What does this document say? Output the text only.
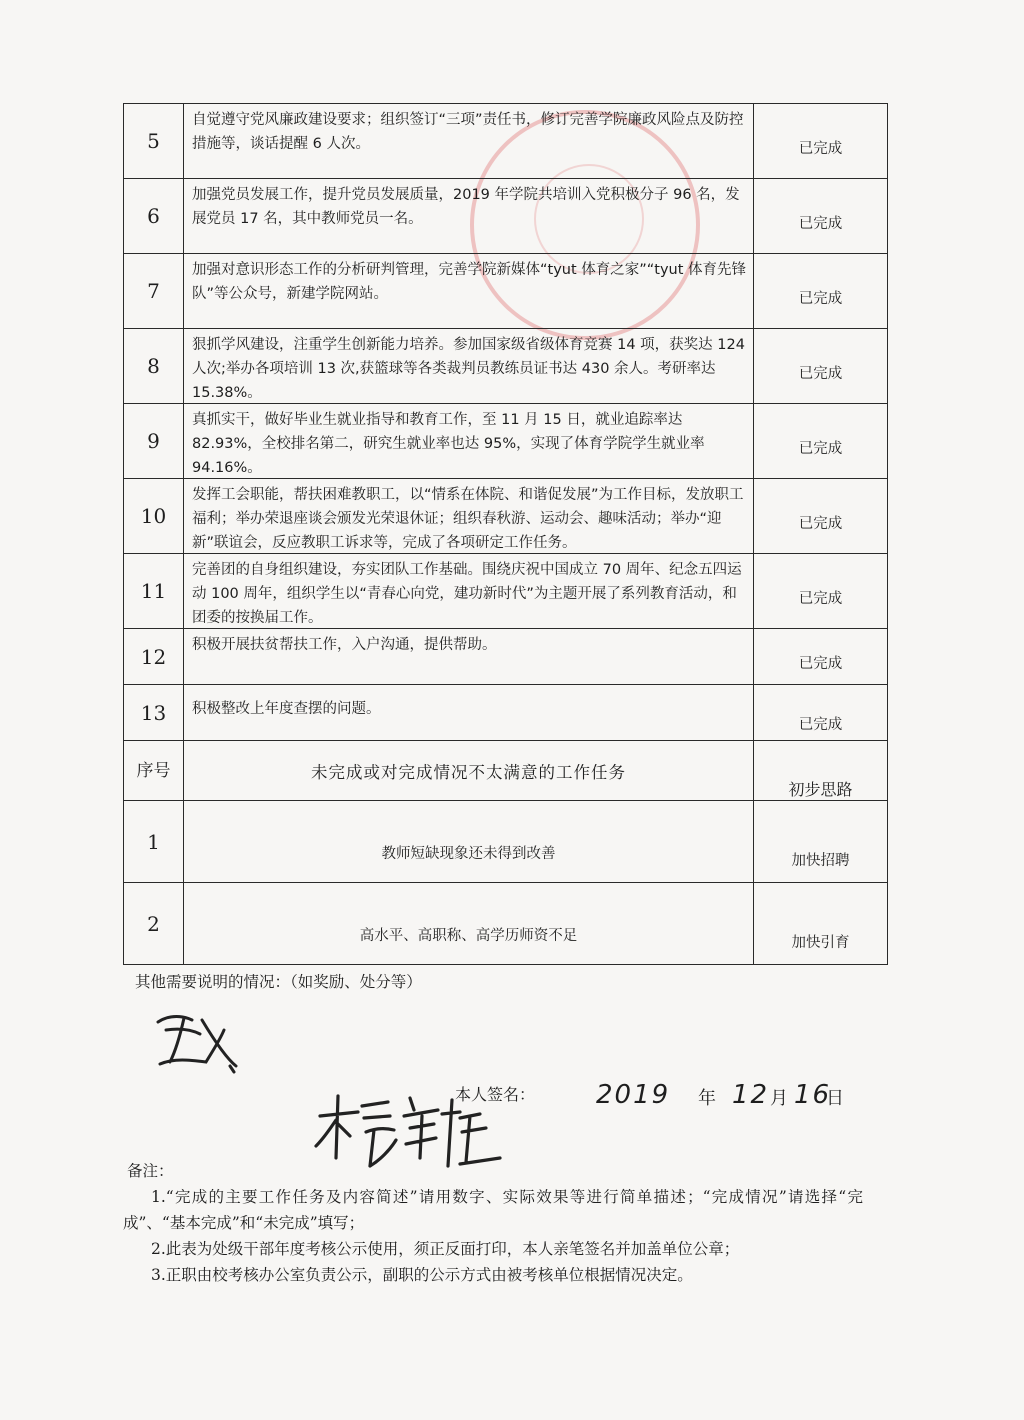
5	自觉遵守党风廉政建设要求；组织签订“三项”责任书，修订完善学院廉政风险点及防控措施等，谈话提醒 6 人次。	已完成
6	加强党员发展工作，提升党员发展质量，2019 年学院共培训入党积极分子 96 名，发展党员 17 名，其中教师党员一名。	已完成
7	加强对意识形态工作的分析研判管理，完善学院新媒体“tyut 体育之家”“tyut 体育先锋队”等公众号，新建学院网站。	已完成
8	狠抓学风建设，注重学生创新能力培养。参加国家级省级体育竞赛 14 项，获奖达 124 人次;举办各项培训 13 次,获篮球等各类裁判员教练员证书达 430 余人。考研率达 15.38%。	已完成
9	真抓实干，做好毕业生就业指导和教育工作，至 11 月 15 日，就业追踪率达 82.93%，全校排名第二，研究生就业率也达 95%，实现了体育学院学生就业率 94.16%。	已完成
10	发挥工会职能，帮扶困难教职工，以“情系在体院、和谐促发展”为工作目标，发放职工福利；举办荣退座谈会颁发光荣退休证；组织春秋游、运动会、趣味活动；举办“迎新”联谊会，反应教职工诉求等，完成了各项研定工作任务。	已完成
11	完善团的自身组织建设，夯实团队工作基础。围绕庆祝中国成立 70 周年、纪念五四运动 100 周年，组织学生以“青春心向党，建功新时代”为主题开展了系列教育活动，和团委的按换届工作。	已完成
12	积极开展扶贫帮扶工作，入户沟通，提供帮助。	已完成
13	积极整改上年度查摆的问题。	已完成
序号	未完成或对完成情况不太满意的工作任务	初步思路
1	教师短缺现象还未得到改善	加快招聘
2	高水平、高职称、高学历师资不足	加快引育
其他需要说明的情况：（如奖励、处分等）
本人签名： 2019 年 12 月 16
日

备注：

1.“完成的主要工作任务及内容简述”请用数字、实际效果等进行简单描述；“完成情况”请选择“完成”、“基本完成”和“未完成”填写；

2.此表为处级干部年度考核公示使用，须正反面打印，本人亲笔签名并加盖单位公章；

3.正职由校考核办公室负责公示，副职的公示方式由被考核单位根据情况决定。
